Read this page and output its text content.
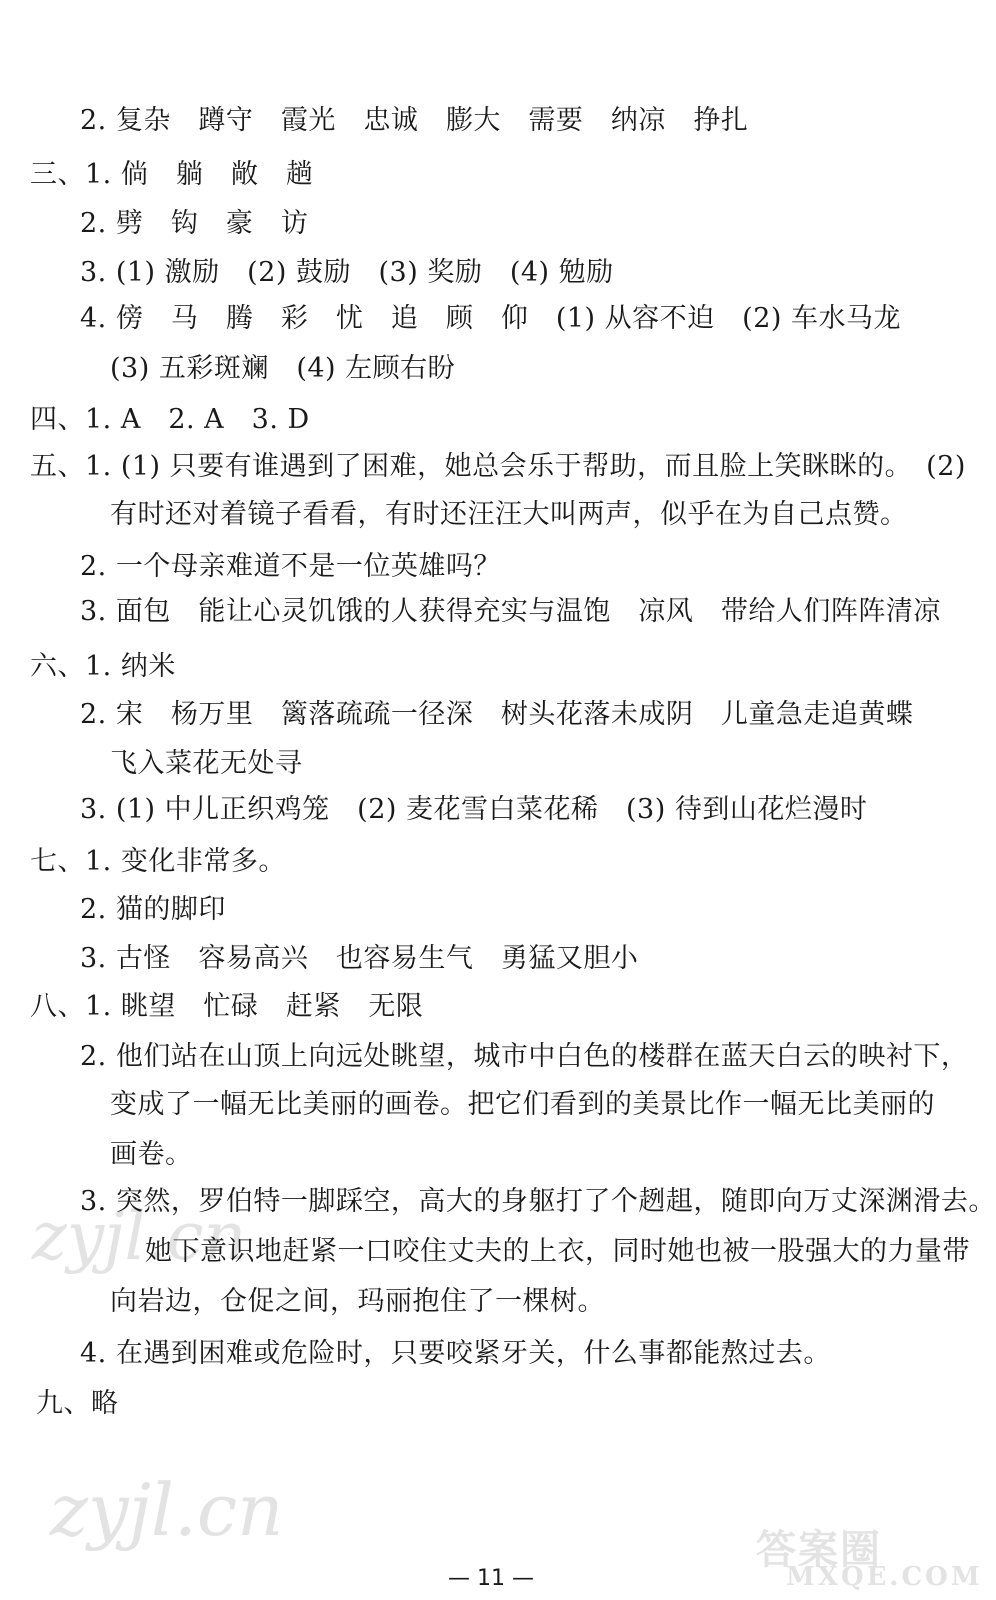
zyjl.cn
zyjl.cn	答案圈
MXQE.COM
2. 复杂　蹲守　霞光　忠诚　膨大　需要　纳凉　挣扎
三、1. 倘　躺　敞　趟
2. 劈　钩　豪　访
3. (1) 激励　(2) 鼓励　(3) 奖励　(4) 勉励
4. 傍　马　腾　彩　忧　追　顾　仰　(1) 从容不迫　(2) 车水马龙
(3) 五彩斑斓　(4) 左顾右盼
四、1. A　2. A　3. D
五、1. (1) 只要有谁遇到了困难，她总会乐于帮助，而且脸上笑眯眯的。　(2)
有时还对着镜子看看，有时还汪汪大叫两声，似乎在为自己点赞。
2. 一个母亲难道不是一位英雄吗？
3. 面包　能让心灵饥饿的人获得充实与温饱　凉风　带给人们阵阵清凉
六、1. 纳米
2. 宋　杨万里　篱落疏疏一径深　树头花落未成阴　儿童急走追黄蝶
飞入菜花无处寻
3. (1) 中儿正织鸡笼　(2) 麦花雪白菜花稀　(3) 待到山花烂漫时
七、1. 变化非常多。
2. 猫的脚印
3. 古怪　容易高兴　也容易生气　勇猛又胆小
八、1. 眺望　忙碌　赶紧　无限
2. 他们站在山顶上向远处眺望，城市中白色的楼群在蓝天白云的映衬下，
变成了一幅无比美丽的画卷。把它们看到的美景比作一幅无比美丽的
画卷。
3. 突然，罗伯特一脚踩空，高大的身躯打了个趔趄，随即向万丈深渊滑去。
她下意识地赶紧一口咬住丈夫的上衣，同时她也被一股强大的力量带
向岩边，仓促之间，玛丽抱住了一棵树。
4. 在遇到困难或危险时，只要咬紧牙关，什么事都能熬过去。
九、略
— 11 —
